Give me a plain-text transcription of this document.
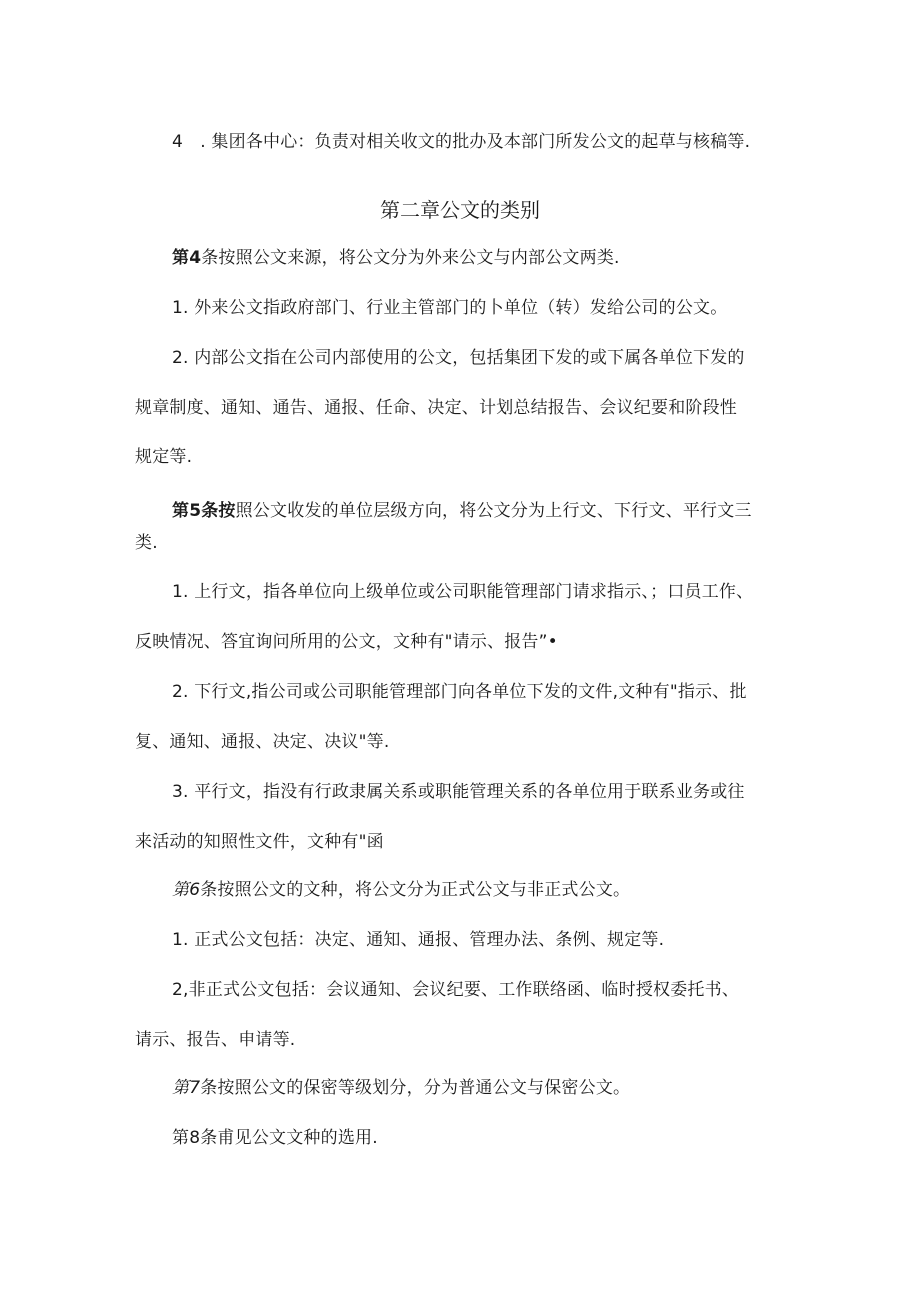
4　. 集团各中心：负责对相关收文的批办及本部门所发公文的起草与核稿等.
第二章公文的类别
第4条按照公文来源，将公文分为外来公文与内部公文两类.
1. 外来公文指政府部门、行业主管部门的卜单位（转）发给公司的公文。
2. 内部公文指在公司内部使用的公文，包括集团下发的或下属各单位下发的
规章制度、通知、通告、通报、任命、决定、计划总结报告、会议纪要和阶段性
规定等.
第5条按照公文收发的单位层级方向，将公文分为上行文、下行文、平行文三
类.
1. 上行文，指各单位向上级单位或公司职能管理部门请求指示、；口员工作、
反映情况、答宜询问所用的公文，文种有"请示、报告”•
2. 下行文,指公司或公司职能管理部门向各单位下发的文件,文种有"指示、批
复、通知、通报、决定、决议"等.
3. 平行文，指没有行政隶属关系或职能管理关系的各单位用于联系业务或往
来活动的知照性文件，文种有"函
第6条按照公文的文种，将公文分为正式公文与非正式公文。
1. 正式公文包括：决定、通知、通报、管理办法、条例、规定等.
2,非正式公文包括：会议通知、会议纪要、工作联络函、临时授权委托书、
请示、报告、申请等.
第7条按照公文的保密等级划分，分为普通公文与保密公文。
第8条甫见公文文种的选用.
